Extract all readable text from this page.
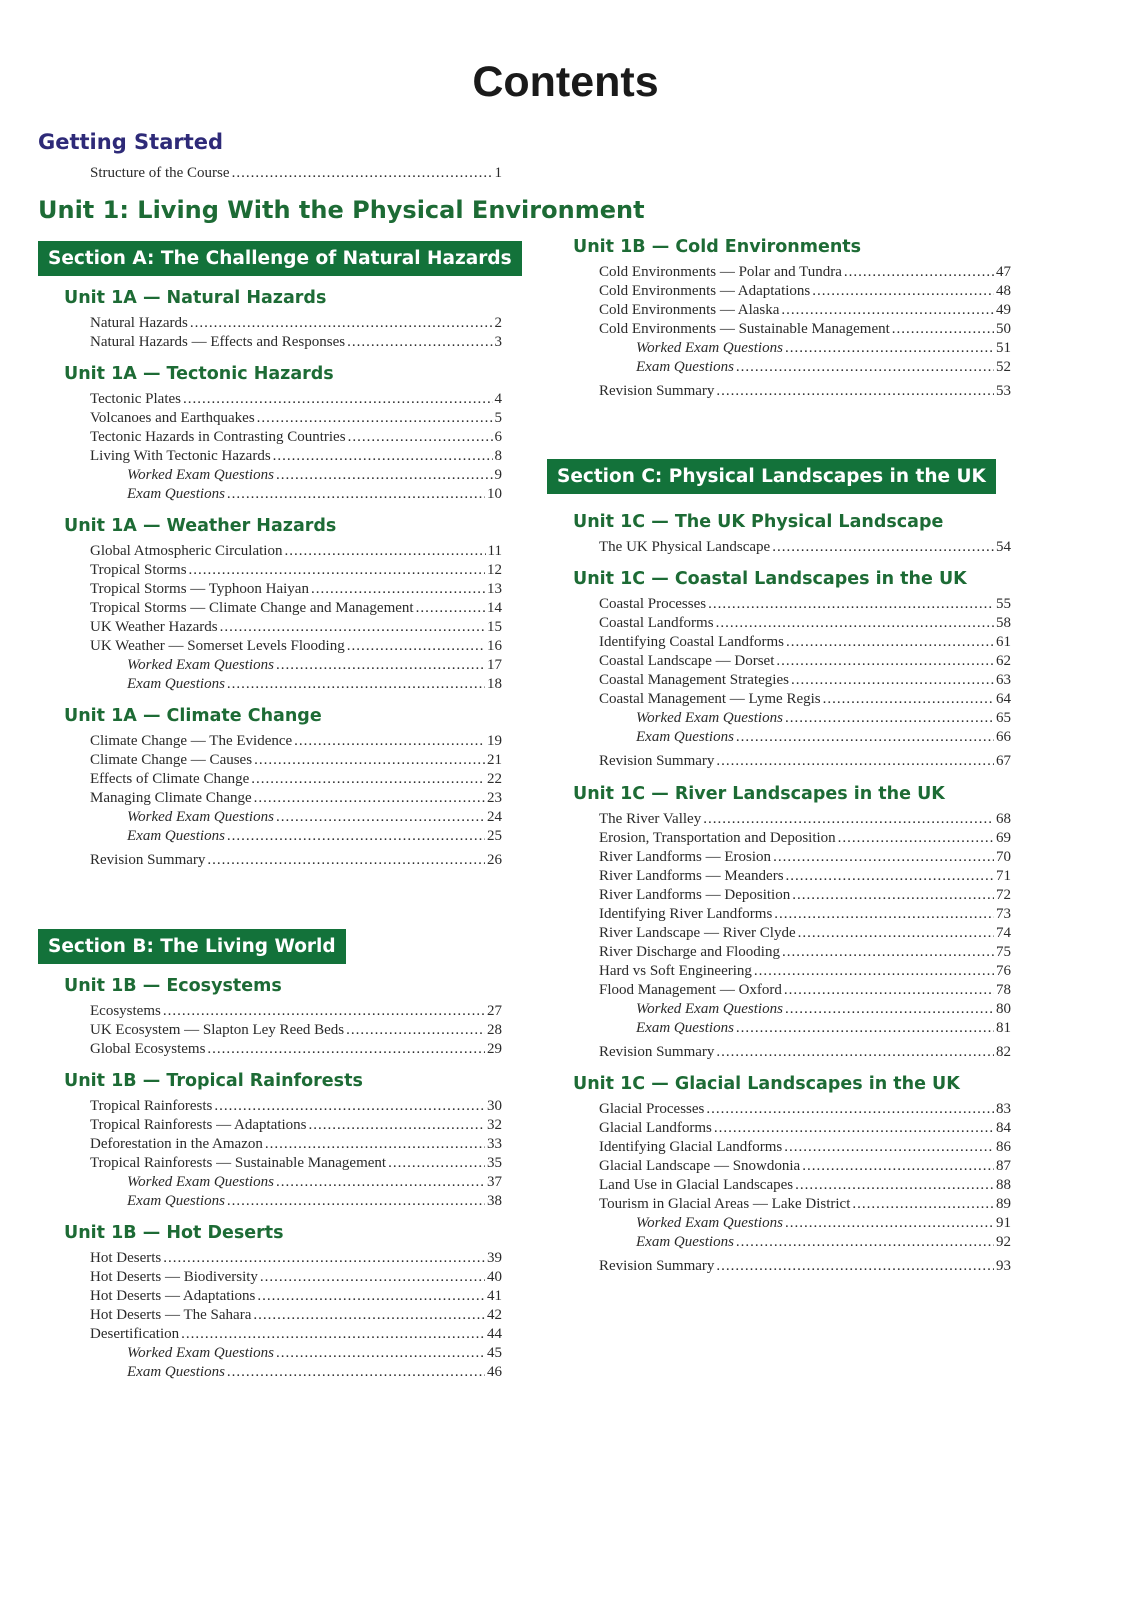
Contents
Getting Started
Structure of the Course .....	1
Unit 1: Living With the Physical Environment
Section A: The Challenge of Natural Hazards
Unit 1A — Natural Hazards
Natural Hazards .....	2
Natural Hazards — Effects and Responses .....	3
Unit 1A — Tectonic Hazards
Tectonic Plates .....	4
Volcanoes and Earthquakes .....	5
Tectonic Hazards in Contrasting Countries .....	6
Living With Tectonic Hazards .....	8
Worked Exam Questions .....	9
Exam Questions .....	10
Unit 1A — Weather Hazards
Global Atmospheric Circulation .....	11
Tropical Storms .....	12
Tropical Storms — Typhoon Haiyan .....	13
Tropical Storms — Climate Change and Management .....	14
UK Weather Hazards .....	15
UK Weather — Somerset Levels Flooding .....	16
Worked Exam Questions .....	17
Exam Questions .....	18
Unit 1A — Climate Change
Climate Change — The Evidence .....	19
Climate Change — Causes .....	21
Effects of Climate Change .....	22
Managing Climate Change .....	23
Worked Exam Questions .....	24
Exam Questions .....	25
Revision Summary .....	26
Section B: The Living World
Unit 1B — Ecosystems
Ecosystems .....	27
UK Ecosystem — Slapton Ley Reed Beds .....	28
Global Ecosystems .....	29
Unit 1B — Tropical Rainforests
Tropical Rainforests .....	30
Tropical Rainforests — Adaptations .....	32
Deforestation in the Amazon .....	33
Tropical Rainforests — Sustainable Management .....	35
Worked Exam Questions .....	37
Exam Questions .....	38
Unit 1B — Hot Deserts
Hot Deserts .....	39
Hot Deserts — Biodiversity .....	40
Hot Deserts — Adaptations .....	41
Hot Deserts — The Sahara .....	42
Desertification .....	44
Worked Exam Questions .....	45
Exam Questions .....	46
Unit 1B — Cold Environments
Cold Environments — Polar and Tundra .....	47
Cold Environments — Adaptations .....	48
Cold Environments — Alaska .....	49
Cold Environments — Sustainable Management .....	50
Worked Exam Questions .....	51
Exam Questions .....	52
Revision Summary .....	53
Section C: Physical Landscapes in the UK
Unit 1C — The UK Physical Landscape
The UK Physical Landscape .....	54
Unit 1C — Coastal Landscapes in the UK
Coastal Processes .....	55
Coastal Landforms .....	58
Identifying Coastal Landforms .....	61
Coastal Landscape — Dorset .....	62
Coastal Management Strategies .....	63
Coastal Management — Lyme Regis .....	64
Worked Exam Questions .....	65
Exam Questions .....	66
Revision Summary .....	67
Unit 1C — River Landscapes in the UK
The River Valley .....	68
Erosion, Transportation and Deposition .....	69
River Landforms — Erosion .....	70
River Landforms — Meanders .....	71
River Landforms — Deposition .....	72
Identifying River Landforms .....	73
River Landscape — River Clyde .....	74
River Discharge and Flooding .....	75
Hard vs Soft Engineering .....	76
Flood Management — Oxford .....	78
Worked Exam Questions .....	80
Exam Questions .....	81
Revision Summary .....	82
Unit 1C — Glacial Landscapes in the UK
Glacial Processes .....	83
Glacial Landforms .....	84
Identifying Glacial Landforms .....	86
Glacial Landscape — Snowdonia .....	87
Land Use in Glacial Landscapes .....	88
Tourism in Glacial Areas — Lake District .....	89
Worked Exam Questions .....	91
Exam Questions .....	92
Revision Summary .....	93
